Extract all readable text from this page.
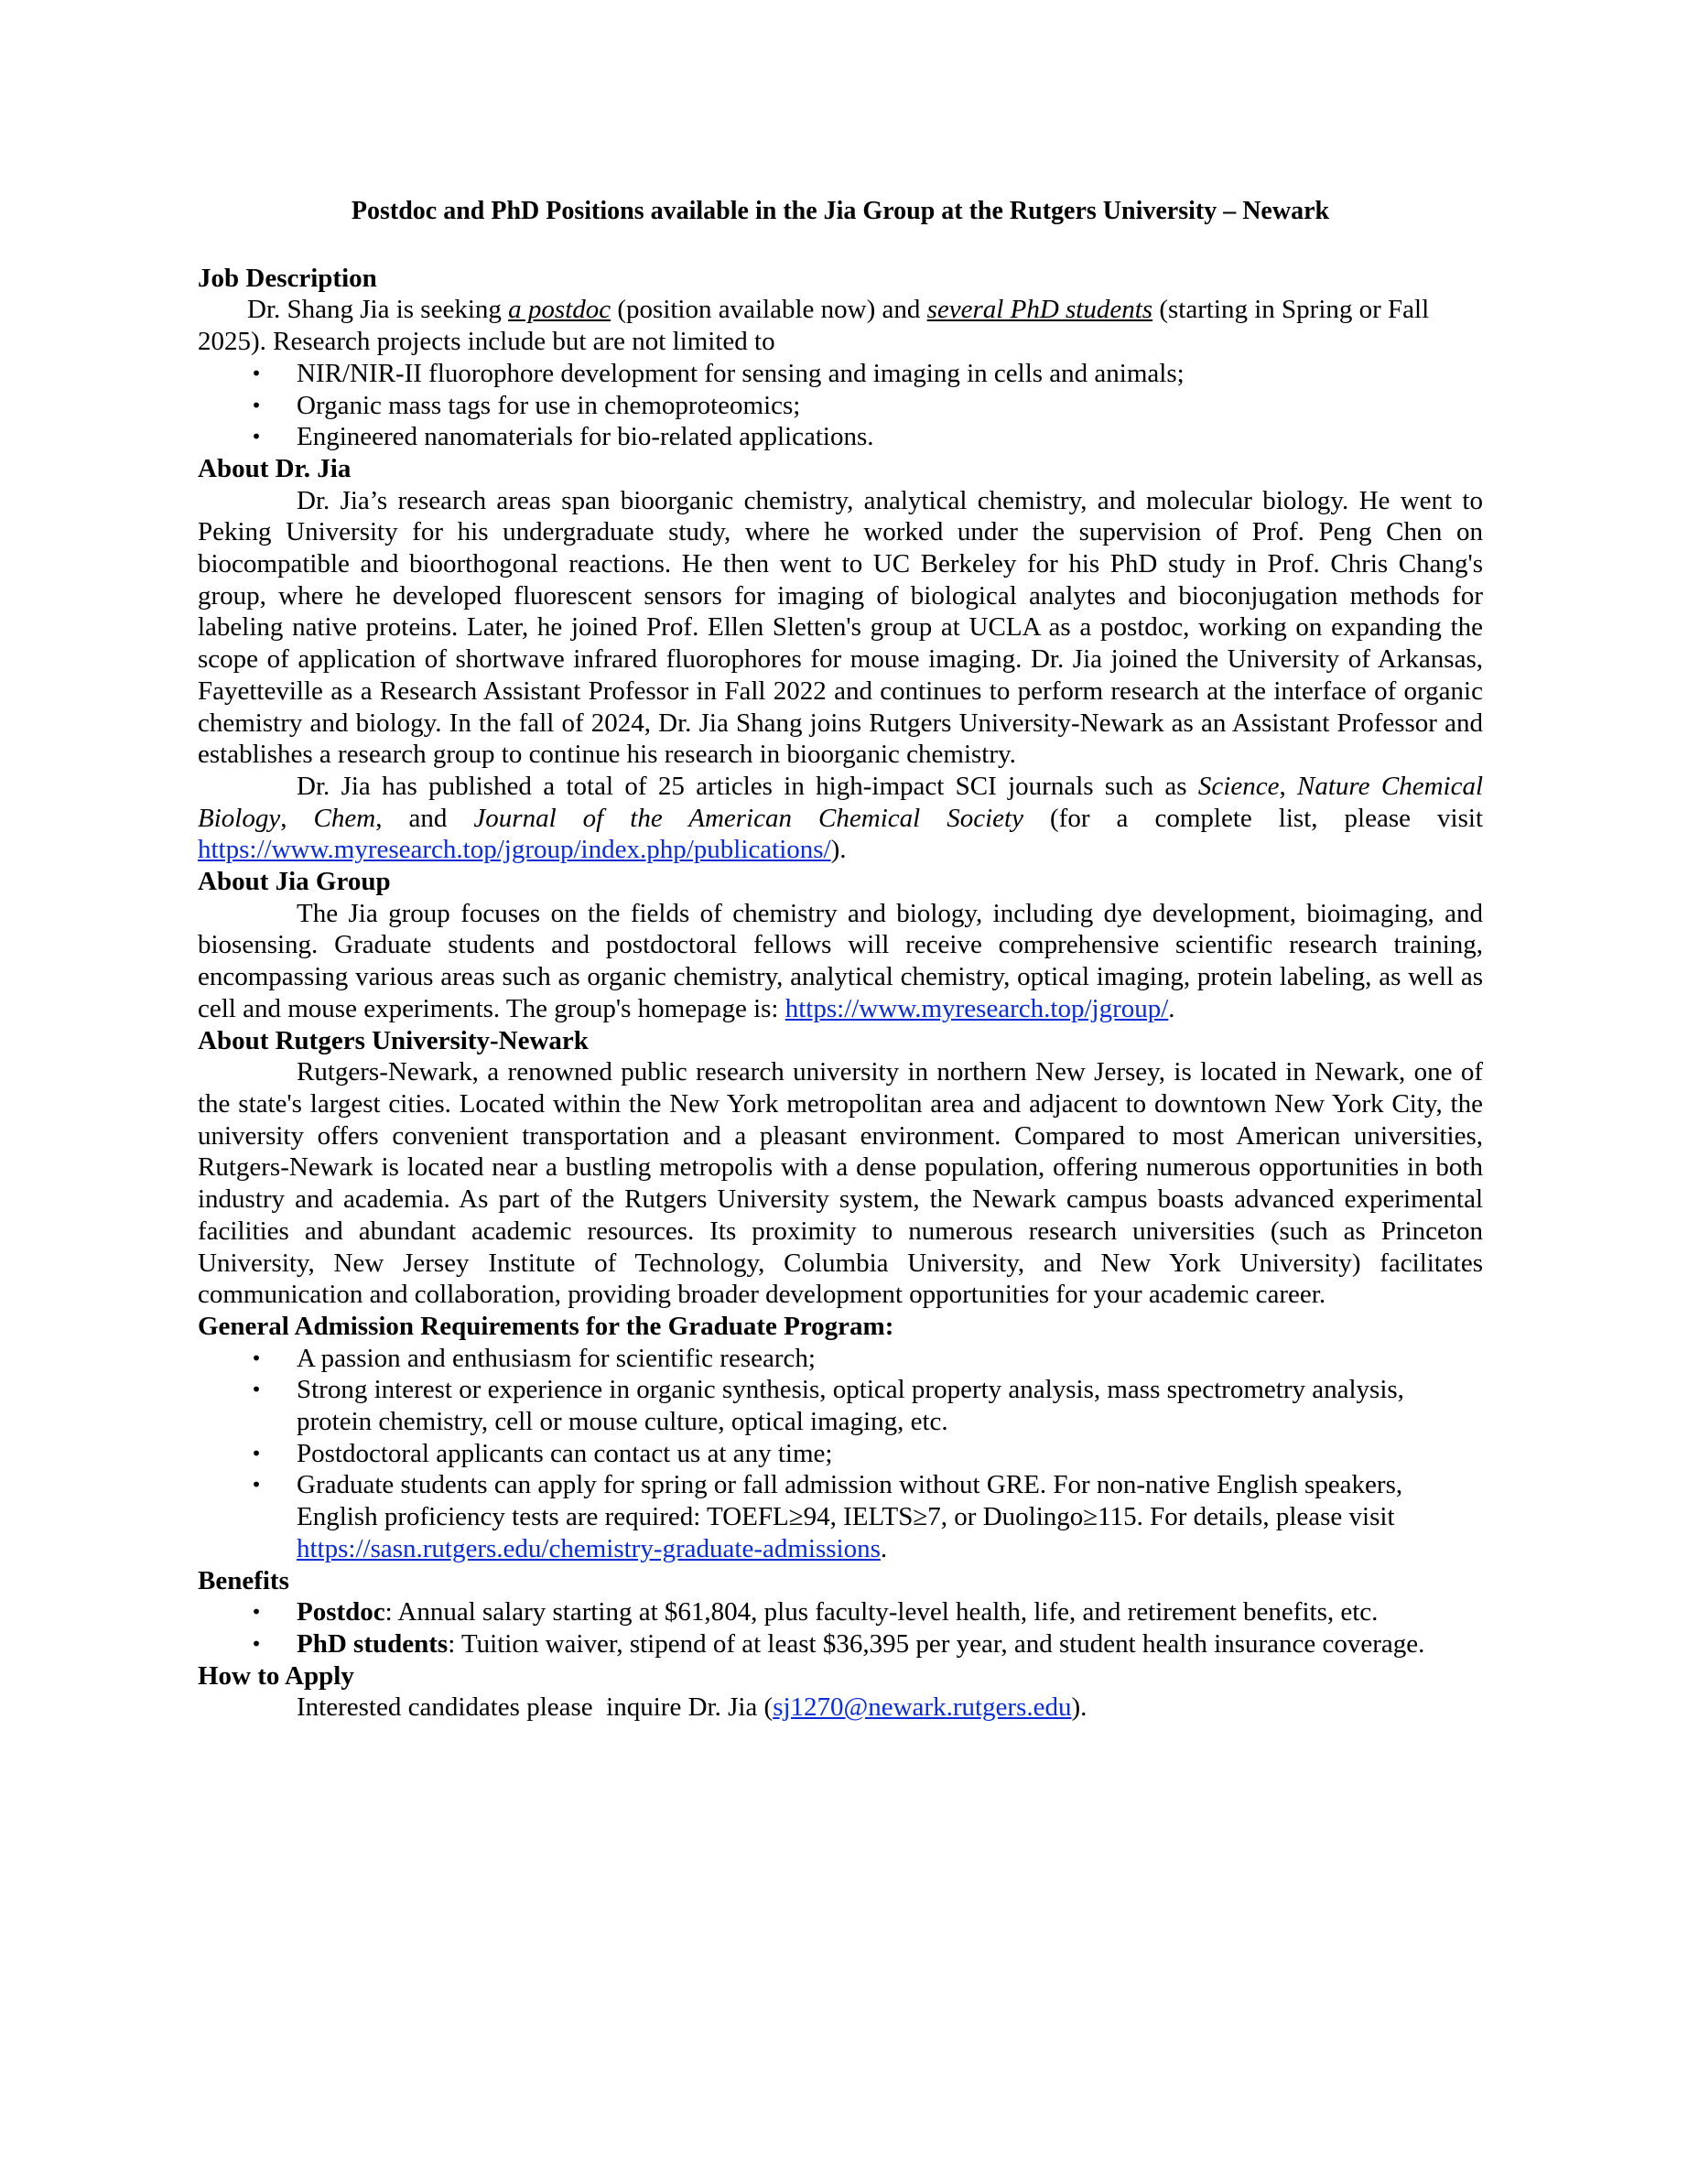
Postdoc and PhD Positions available in the Jia Group at the Rutgers University – Newark
Job Description

Dr. Shang Jia is seeking a postdoc (position available now) and several PhD students (starting in Spring or Fall 2025). Research projects include but are not limited to

• NIR/NIR-II fluorophore development for sensing and imaging in cells and animals;
• Organic mass tags for use in chemoproteomics;
• Engineered nanomaterials for bio-related applications.
About Dr. Jia

Dr. Jia’s research areas span bioorganic chemistry, analytical chemistry, and molecular biology. He went to Peking University for his undergraduate study, where he worked under the supervision of Prof. Peng Chen on biocompatible and bioorthogonal reactions. He then went to UC Berkeley for his PhD study in Prof. Chris Chang's group, where he developed fluorescent sensors for imaging of biological analytes and bioconjugation methods for labeling native proteins. Later, he joined Prof. Ellen Sletten's group at UCLA as a postdoc, working on expanding the scope of application of shortwave infrared fluorophores for mouse imaging. Dr. Jia joined the University of Arkansas, Fayetteville as a Research Assistant Professor in Fall 2022 and continues to perform research at the interface of organic chemistry and biology. In the fall of 2024, Dr. Jia Shang joins Rutgers University-Newark as an Assistant Professor and establishes a research group to continue his research in bioorganic chemistry.

Dr. Jia has published a total of 25 articles in high-impact SCI journals such as Science, Nature Chemical Biology, Chem, and Journal of the American Chemical Society (for a complete list, please visit https://www.myresearch.top/jgroup/index.php/publications/).

About Jia Group

The Jia group focuses on the fields of chemistry and biology, including dye development, bioimaging, and biosensing. Graduate students and postdoctoral fellows will receive comprehensive scientific research training, encompassing various areas such as organic chemistry, analytical chemistry, optical imaging, protein labeling, as well as cell and mouse experiments. The group's homepage is: https://www.myresearch.top/jgroup/.

About Rutgers University-Newark

Rutgers-Newark, a renowned public research university in northern New Jersey, is located in Newark, one of the state's largest cities. Located within the New York metropolitan area and adjacent to downtown New York City, the university offers convenient transportation and a pleasant environment. Compared to most American universities, Rutgers-Newark is located near a bustling metropolis with a dense population, offering numerous opportunities in both industry and academia. As part of the Rutgers University system, the Newark campus boasts advanced experimental facilities and abundant academic resources. Its proximity to numerous research universities (such as Princeton University, New Jersey Institute of Technology, Columbia University, and New York University) facilitates communication and collaboration, providing broader development opportunities for your academic career.

General Admission Requirements for the Graduate Program:
• A passion and enthusiasm for scientific research;
• Strong interest or experience in organic synthesis, optical property analysis, mass spectrometry analysis, protein chemistry, cell or mouse culture, optical imaging, etc.
• Postdoctoral applicants can contact us at any time;
• Graduate students can apply for spring or fall admission without GRE. For non-native English speakers, English proficiency tests are required: TOEFL≥94, IELTS≥7, or Duolingo≥115. For details, please visit https://sasn.rutgers.edu/chemistry-graduate-admissions.
Benefits
• Postdoc: Annual salary starting at $61,804, plus faculty-level health, life, and retirement benefits, etc.
• PhD students: Tuition waiver, stipend of at least $36,395 per year, and student health insurance coverage.
How to Apply

Interested candidates please  inquire Dr. Jia (sj1270@newark.rutgers.edu).
